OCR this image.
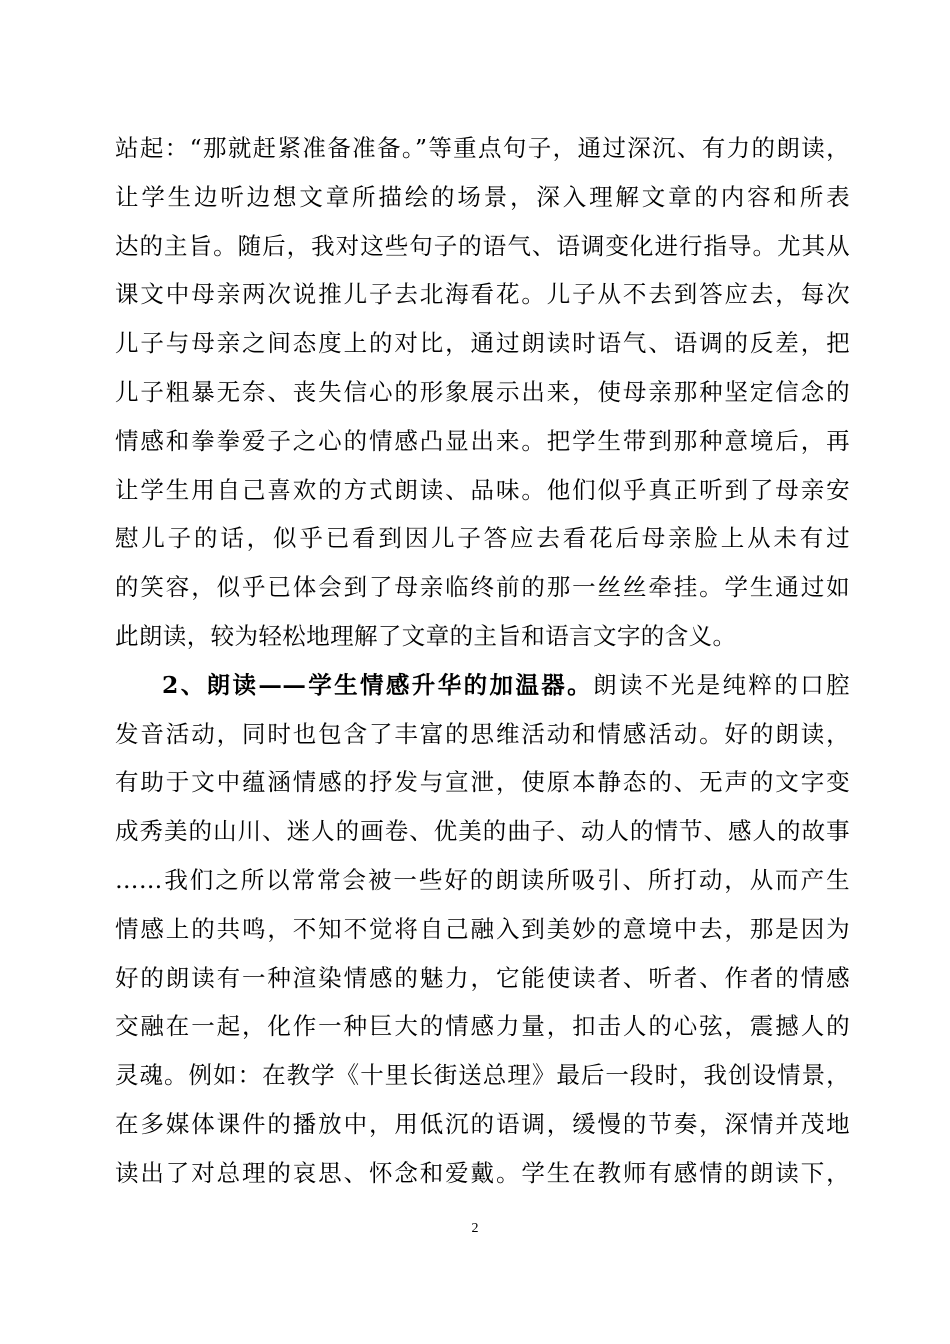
站起：“那就赶紧准备准备。”等重点句子，通过深沉、有力的朗读，
让学生边听边想文章所描绘的场景，深入理解文章的内容和所表
达的主旨。随后，我对这些句子的语气、语调变化进行指导。尤其从
课文中母亲两次说推儿子去北海看花。儿子从不去到答应去，每次
儿子与母亲之间态度上的对比，通过朗读时语气、语调的反差，把
儿子粗暴无奈、丧失信心的形象展示出来，使母亲那种坚定信念的
情感和拳拳爱子之心的情感凸显出来。把学生带到那种意境后，再
让学生用自己喜欢的方式朗读、品味。他们似乎真正听到了母亲安
慰儿子的话，似乎已看到因儿子答应去看花后母亲脸上从未有过
的笑容，似乎已体会到了母亲临终前的那一丝丝牵挂。学生通过如
此朗读，较为轻松地理解了文章的主旨和语言文字的含义。
2、朗读——学生情感升华的加温器。朗读不光是纯粹的口腔
发音活动，同时也包含了丰富的思维活动和情感活动。好的朗读，
有助于文中蕴涵情感的抒发与宣泄，使原本静态的、无声的文字变
成秀美的山川、迷人的画卷、优美的曲子、动人的情节、感人的故事
……我们之所以常常会被一些好的朗读所吸引、所打动，从而产生
情感上的共鸣，不知不觉将自己融入到美妙的意境中去，那是因为
好的朗读有一种渲染情感的魅力，它能使读者、听者、作者的情感
交融在一起，化作一种巨大的情感力量，扣击人的心弦，震撼人的
灵魂。例如：在教学《十里长街送总理》最后一段时，我创设情景，
在多媒体课件的播放中，用低沉的语调，缓慢的节奏，深情并茂地
读出了对总理的哀思、怀念和爱戴。学生在教师有感情的朗读下，
2
